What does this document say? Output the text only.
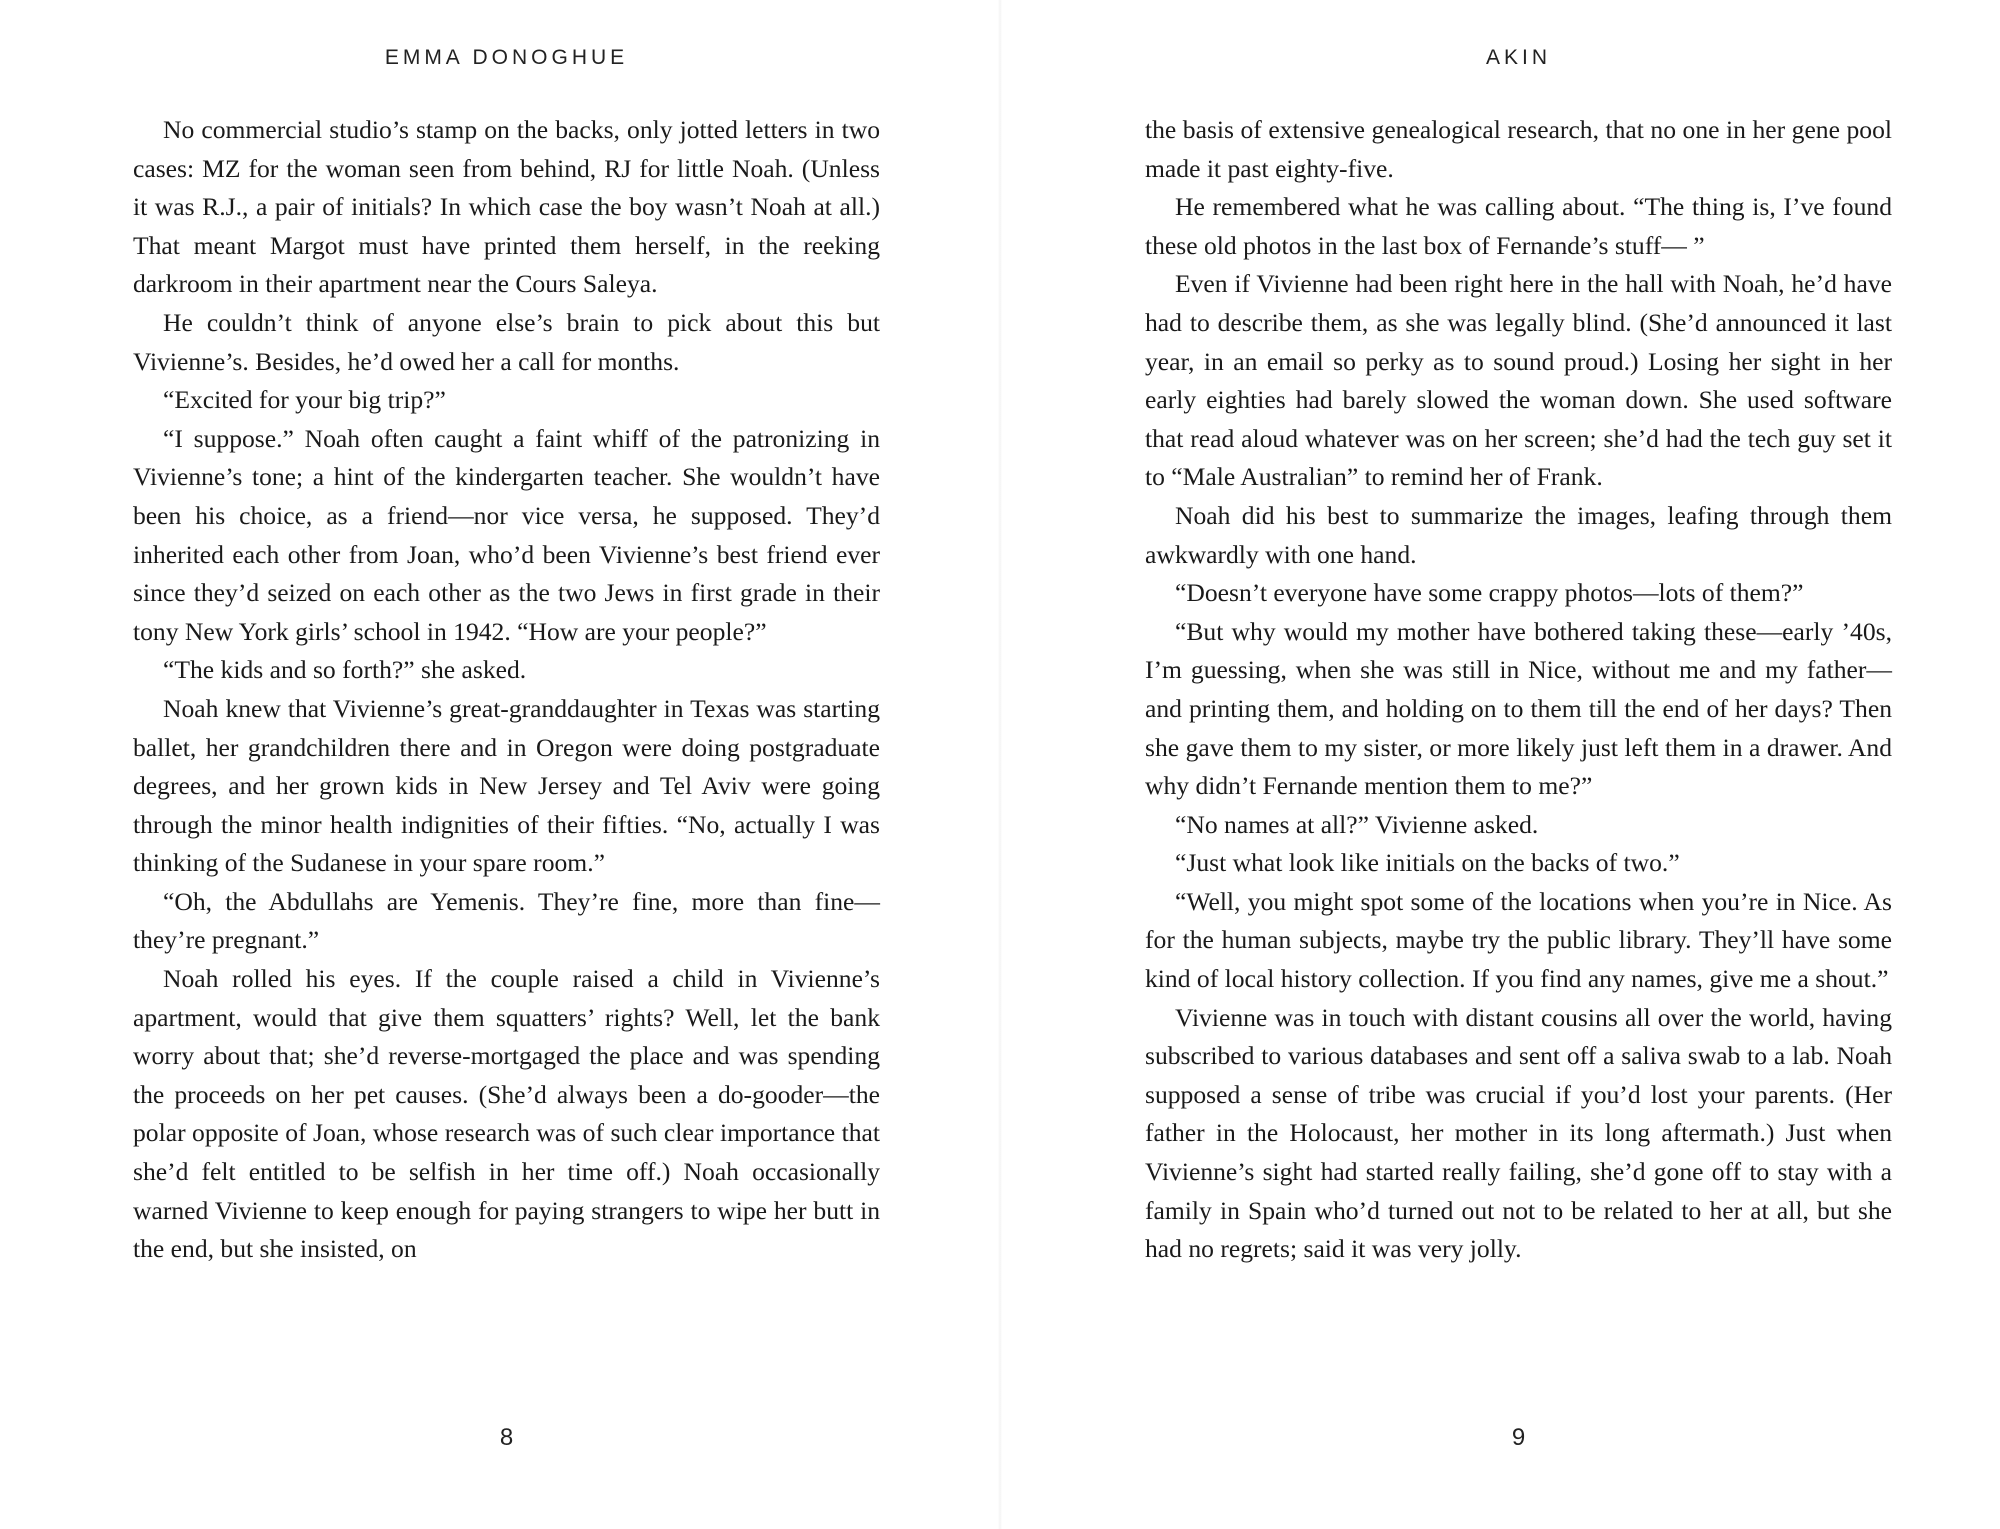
EMMA DONOGHUE

No commercial studio’s stamp on the backs, only jotted letters in two cases: MZ for the woman seen from behind, RJ for little Noah. (Unless it was R.J., a pair of initials? In which case the boy wasn’t Noah at all.) That meant Margot must have printed them herself, in the reeking darkroom in their apartment near the Cours Saleya.

He couldn’t think of anyone else’s brain to pick about this but Vivienne’s. Besides, he’d owed her a call for months.

“Excited for your big trip?”

“I suppose.” Noah often caught a faint whiff of the patronizing in Vivienne’s tone; a hint of the kindergarten teacher. She wouldn’t have been his choice, as a friend—nor vice versa, he supposed. They’d inherited each other from Joan, who’d been Vivienne’s best friend ever since they’d seized on each other as the two Jews in first grade in their tony New York girls’ school in 1942. “How are your people?”

“The kids and so forth?” she asked.

Noah knew that Vivienne’s great-granddaughter in Texas was starting ballet, her grandchildren there and in Oregon were doing postgraduate degrees, and her grown kids in New Jersey and Tel Aviv were going through the minor health indignities of their fifties. “No, actually I was thinking of the Sudanese in your spare room.”

“Oh, the Abdullahs are Yemenis. They’re fine, more than fine—they’re pregnant.”

Noah rolled his eyes. If the couple raised a child in Vivienne’s apartment, would that give them squatters’ rights? Well, let the bank worry about that; she’d reverse-mortgaged the place and was spending the proceeds on her pet causes. (She’d always been a do-gooder—the polar opposite of Joan, whose research was of such clear importance that she’d felt entitled to be selfish in her time off.) Noah occasionally warned Vivienne to keep enough for paying strangers to wipe her butt in the end, but she insisted, on

8
AKIN

the basis of extensive genealogical research, that no one in her gene pool made it past eighty-five.

He remembered what he was calling about. “The thing is, I’ve found these old photos in the last box of Fernande’s stuff— ”

Even if Vivienne had been right here in the hall with Noah, he’d have had to describe them, as she was legally blind. (She’d announced it last year, in an email so perky as to sound proud.) Losing her sight in her early eighties had barely slowed the woman down. She used software that read aloud whatever was on her screen; she’d had the tech guy set it to “Male Australian” to remind her of Frank.

Noah did his best to summarize the images, leafing through them awkwardly with one hand.

“Doesn’t everyone have some crappy photos—lots of them?”

“But why would my mother have bothered taking these—early ’40s, I’m guessing, when she was still in Nice, without me and my father—and printing them, and holding on to them till the end of her days? Then she gave them to my sister, or more likely just left them in a drawer. And why didn’t Fernande mention them to me?”

“No names at all?” Vivienne asked.

“Just what look like initials on the backs of two.”

“Well, you might spot some of the locations when you’re in Nice. As for the human subjects, maybe try the public library. They’ll have some kind of local history collection. If you find any names, give me a shout.”

Vivienne was in touch with distant cousins all over the world, having subscribed to various databases and sent off a saliva swab to a lab. Noah supposed a sense of tribe was crucial if you’d lost your parents. (Her father in the Holocaust, her mother in its long aftermath.) Just when Vivienne’s sight had started really failing, she’d gone off to stay with a family in Spain who’d turned out not to be related to her at all, but she had no regrets; said it was very jolly.

9
